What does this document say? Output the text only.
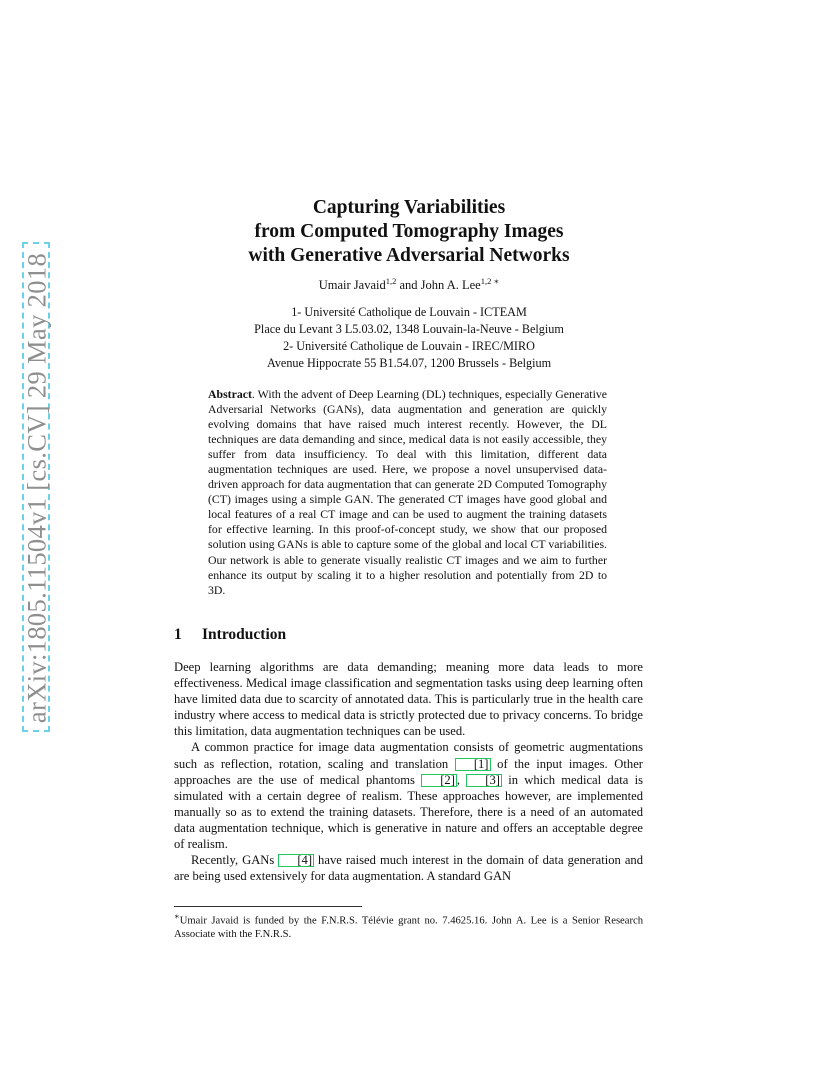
arXiv:1805.11504v1 [cs.CV] 29 May 2018
Capturing Variabilities
from Computed Tomography Images
with Generative Adversarial Networks
Umair Javaid$^{1,2}$ and John A. Lee$^{1,2 ∗}$
1- Université Catholique de Louvain - ICTEAM
Place du Levant 3 L5.03.02, 1348 Louvain-la-Neuve - Belgium
2- Université Catholique de Louvain - IREC/MIRO
Avenue Hippocrate 55 B1.54.07, 1200 Brussels - Belgium
Abstract. With the advent of Deep Learning (DL) techniques, especially Generative Adversarial Networks (GANs), data augmentation and generation are quickly evolving domains that have raised much interest recently. However, the DL techniques are data demanding and since, medical data is not easily accessible, they suffer from data insufficiency. To deal with this limitation, different data augmentation techniques are used. Here, we propose a novel unsupervised data-driven approach for data augmentation that can generate 2D Computed Tomography (CT) images using a simple GAN. The generated CT images have good global and local features of a real CT image and can be used to augment the training datasets for effective learning. In this proof-of-concept study, we show that our proposed solution using GANs is able to capture some of the global and local CT variabilities. Our network is able to generate visually realistic CT images and we aim to further enhance its output by scaling it to a higher resolution and potentially from 2D to 3D.
1 Introduction

Deep learning algorithms are data demanding; meaning more data leads to more effectiveness. Medical image classification and segmentation tasks using deep learning often have limited data due to scarcity of annotated data. This is particularly true in the health care industry where access to medical data is strictly protected due to privacy concerns. To bridge this limitation, data augmentation techniques can be used.

A common practice for image data augmentation consists of geometric augmentations such as reflection, rotation, scaling and translation [1] of the input images. Other approaches are the use of medical phantoms [2] , [3] in which medical data is simulated with a certain degree of realism. These approaches however, are implemented manually so as to extend the training datasets. Therefore, there is a need of an automated data augmentation technique, which is generative in nature and offers an acceptable degree of realism.

Recently, GANs [4] have raised much interest in the domain of data generation and are being used extensively for data augmentation. A standard GAN

∗Umair Javaid is funded by the F.N.R.S. Télévie grant no. 7.4625.16. John A. Lee is a Senior Research Associate with the F.N.R.S.
